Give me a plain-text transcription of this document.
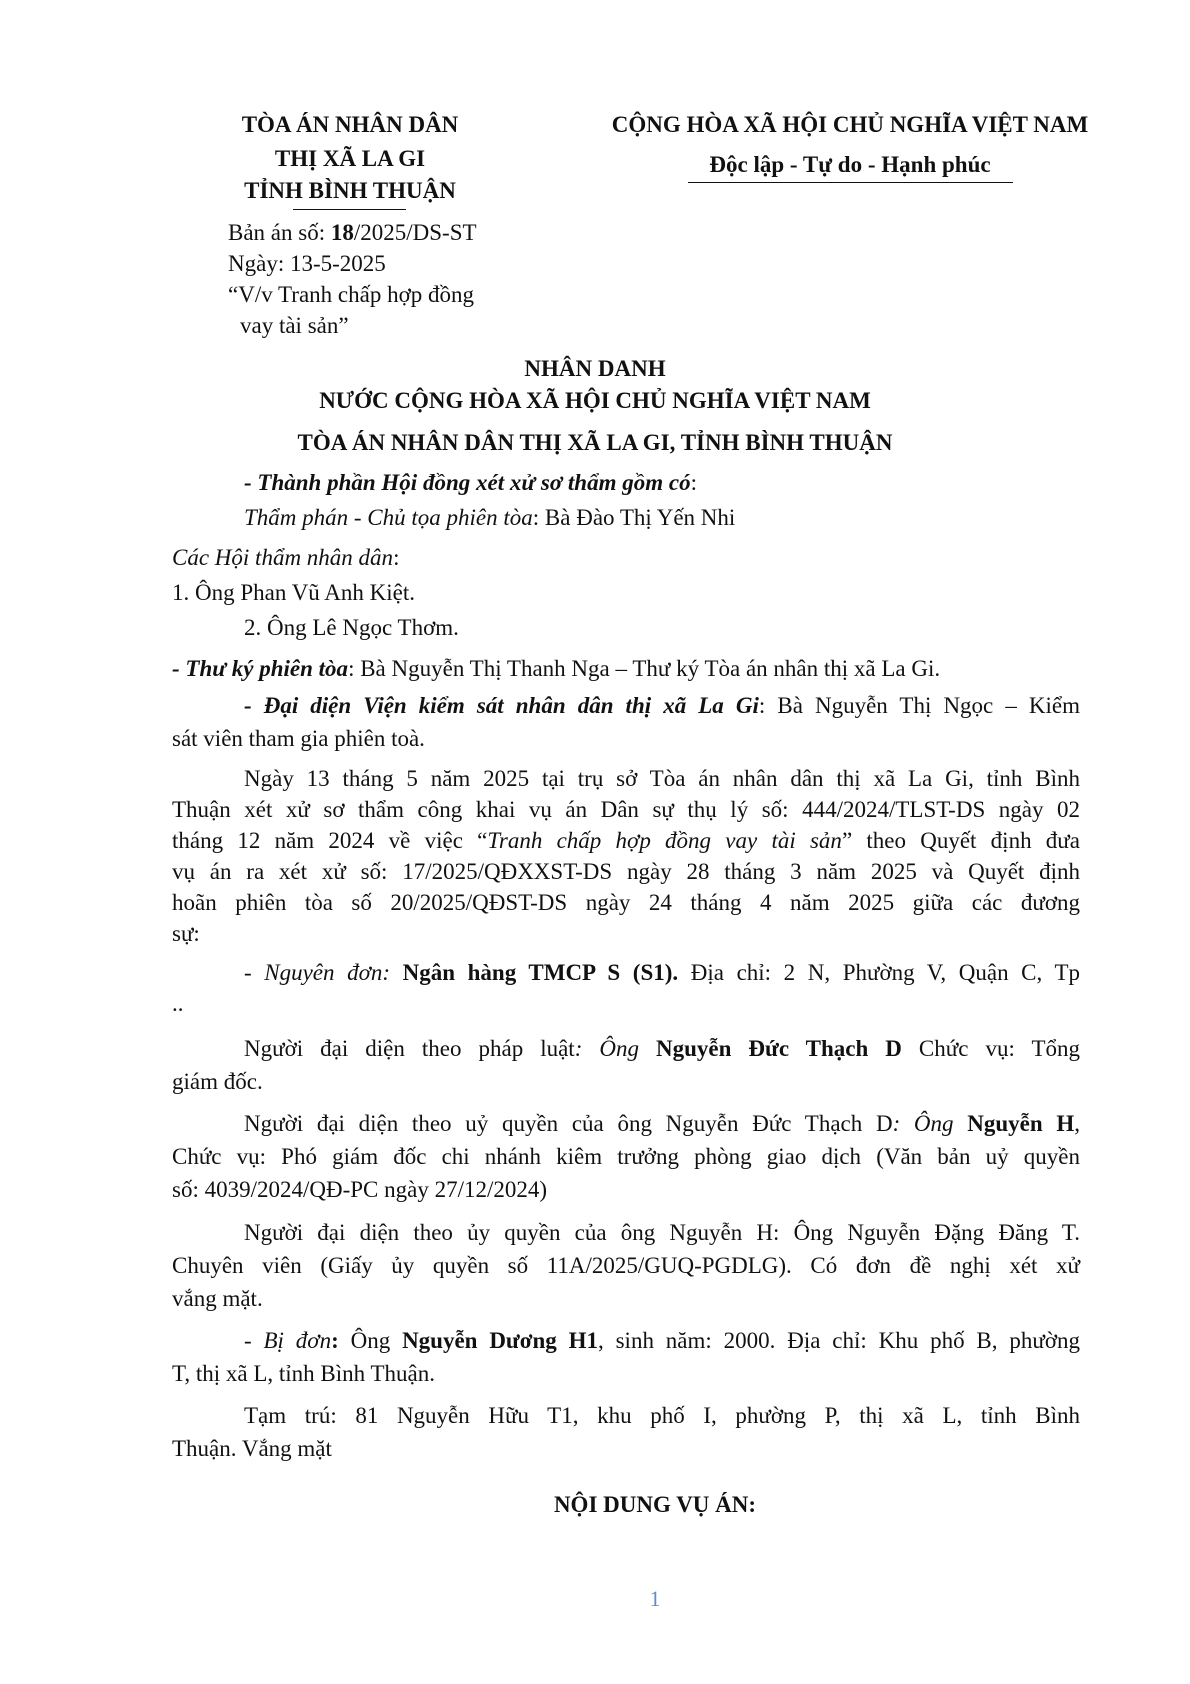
TÒA ÁN NHÂN DÂN
THỊ XÃ LA GI
TỈNH BÌNH THUẬN
CỘNG HÒA XÃ HỘI CHỦ NGHĨA VIỆT NAM
Độc lập - Tự do - Hạnh phúc
Bản án số: 18/2025/DS-ST
Ngày: 13-5-2025
“V/v Tranh chấp hợp đồng
vay tài sản”
NHÂN DANH
NƯỚC CỘNG HÒA XÃ HỘI CHỦ NGHĨA VIỆT NAM
TÒA ÁN NHÂN DÂN THỊ XÃ LA GI, TỈNH BÌNH THUẬN
- Thành phần Hội đồng xét xử sơ thẩm gồm có:
Thẩm phán - Chủ tọa phiên tòa: Bà Đào Thị Yến Nhi
Các Hội thẩm nhân dân:
1. Ông Phan Vũ Anh Kiệt.
2. Ông Lê Ngọc Thơm.
- Thư ký phiên tòa: Bà Nguyễn Thị Thanh Nga – Thư ký Tòa án nhân thị xã La Gi.
- Đại diện Viện kiểm sát nhân dân thị xã La Gi: Bà Nguyễn Thị Ngọc – Kiểm
sát viên tham gia phiên toà.
Ngày 13 tháng 5 năm 2025 tại trụ sở Tòa án nhân dân thị xã La Gi, tỉnh Bình
Thuận xét xử sơ thẩm công khai vụ án Dân sự thụ lý số: 444/2024/TLST-DS ngày 02
tháng 12 năm 2024 về việc “Tranh chấp hợp đồng vay tài sản” theo Quyết định đưa
vụ án ra xét xử số: 17/2025/QĐXXST-DS ngày 28 tháng 3 năm 2025 và Quyết định
hoãn phiên tòa số 20/2025/QĐST-DS ngày 24 tháng 4 năm 2025 giữa các đương
sự:
- Nguyên đơn: Ngân hàng TMCP S (S1). Địa chỉ: 2 N, Phường V, Quận C, Tp
..
Người đại diện theo pháp luật: Ông Nguyễn Đức Thạch D Chức vụ: Tổng
giám đốc.
Người đại diện theo uỷ quyền của ông Nguyễn Đức Thạch D: Ông Nguyễn H,
Chức vụ: Phó giám đốc chi nhánh kiêm trưởng phòng giao dịch (Văn bản uỷ quyền
số: 4039/2024/QĐ-PC ngày 27/12/2024)
Người đại diện theo ủy quyền của ông Nguyễn H: Ông Nguyễn Đặng Đăng T.
Chuyên viên (Giấy ủy quyền số 11A/2025/GUQ-PGDLG). Có đơn đề nghị xét xử
vắng mặt.
- Bị đơn: Ông Nguyễn Dương H1, sinh năm: 2000. Địa chỉ: Khu phố B, phường
T, thị xã L, tỉnh Bình Thuận.
Tạm trú: 81 Nguyễn Hữu T1, khu phố I, phường P, thị xã L, tỉnh Bình
Thuận. Vắng mặt
NỘI DUNG VỤ ÁN:
1
